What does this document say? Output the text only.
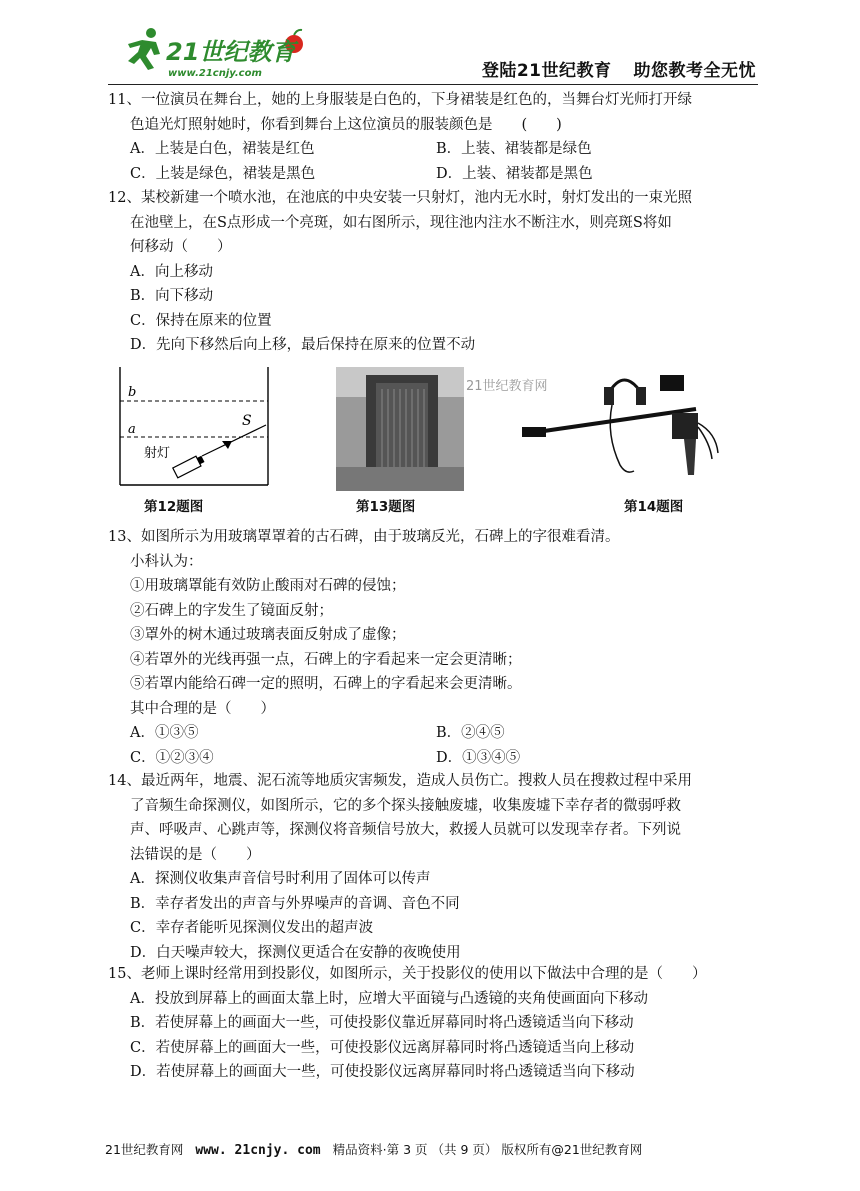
21世纪教育
www.21cnjy.com	登陆21世纪教育 助您教考全无忧

11、一位演员在舞台上，她的上身服装是白色的，下身裙装是红色的，当舞台灯光师打开绿

色追光灯照射她时，你看到舞台上这位演员的服装颜色是　　(　　)

A．上装是白色，裙装是红色	B．上装、裙装都是绿色
C．上装是绿色，裙装是黑色	D．上装、裙装都是黑色

12、某校新建一个喷水池，在池底的中央安装一只射灯，池内无水时，射灯发出的一束光照

在池壁上，在S点形成一个亮斑，如右图所示，现往池内注水不断注水，则亮斑S将如

何移动（　　）

A．向上移动

B．向下移动

C．保持在原来的位置

D．先向下移然后向上移，最后保持在原来的位置不动

b
a
S
射灯
第12题图	第13题图
21世纪教育网
第14题图

13、如图所示为用玻璃罩罩着的古石碑，由于玻璃反光，石碑上的字很难看清。

小科认为：

①用玻璃罩能有效防止酸雨对石碑的侵蚀；

②石碑上的字发生了镜面反射；

③罩外的树木通过玻璃表面反射成了虚像；

④若罩外的光线再强一点，石碑上的字看起来一定会更清晰；

⑤若罩内能给石碑一定的照明，石碑上的字看起来会更清晰。

其中合理的是（　　）

A．①③⑤	B．②④⑤
C．①②③④	D．①③④⑤

14、最近两年，地震、泥石流等地质灾害频发，造成人员伤亡。搜救人员在搜救过程中采用

了音频生命探测仪，如图所示，它的多个探头接触废墟，收集废墟下幸存者的微弱呼救

声、呼吸声、心跳声等，探测仪将音频信号放大，救援人员就可以发现幸存者。下列说

法错误的是（　　）

A．探测仪收集声音信号时利用了固体可以传声

B．幸存者发出的声音与外界噪声的音调、音色不同

C．幸存者能听见探测仪发出的超声波

D．白天噪声较大，探测仪更适合在安静的夜晚使用

15、老师上课时经常用到投影仪，如图所示，关于投影仪的使用以下做法中合理的是（　　）

A．投放到屏幕上的画面太靠上时，应增大平面镜与凸透镜的夹角使画面向下移动

B．若使屏幕上的画面大一些，可使投影仪靠近屏幕同时将凸透镜适当向下移动

C．若使屏幕上的画面大一些，可使投影仪远离屏幕同时将凸透镜适当向上移动

D．若使屏幕上的画面大一些，可使投影仪远离屏幕同时将凸透镜适当向下移动

21世纪教育网 www. 21cnjy. com 精品资料·第 3 页 （共 9 页） 版权所有@21世纪教育网
